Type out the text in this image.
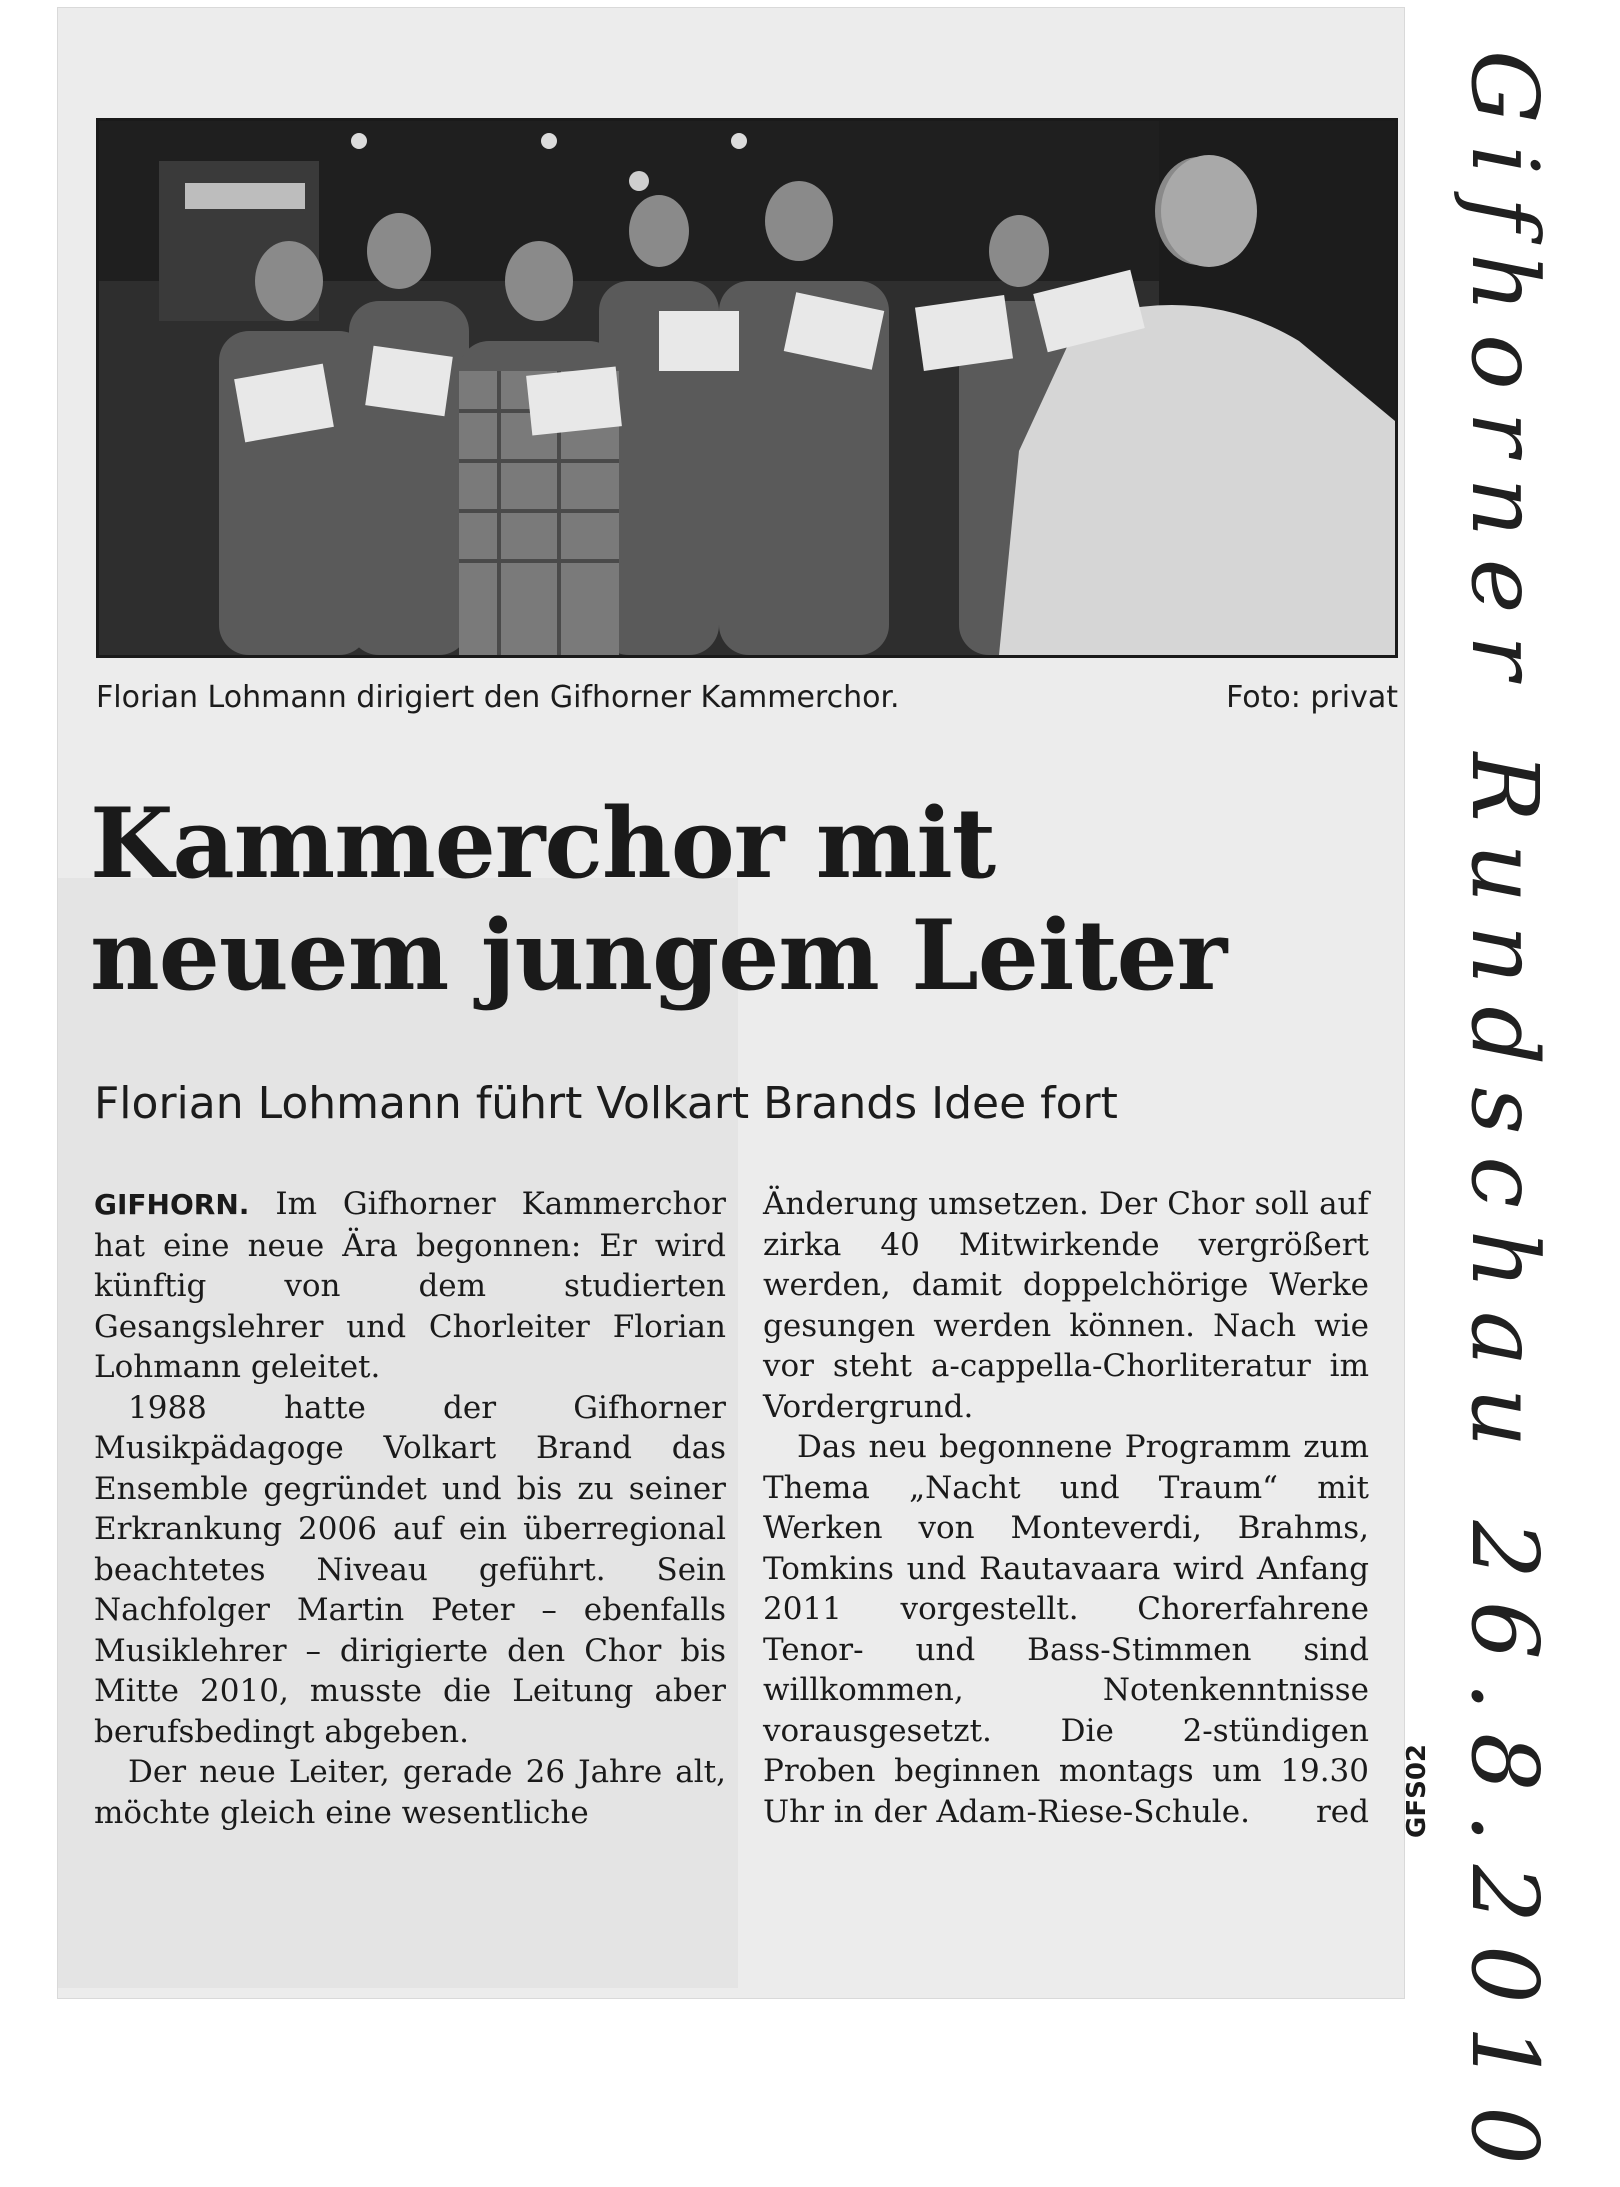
Florian Lohmann dirigiert den Gifhorner Kammerchor.	Foto: privat
Kammerchor mit
neuem jungem Leiter
Florian Lohmann führt Volkart Brands Idee fort

GIFHORN. Im Gifhorner Kammerchor hat eine neue Ära begonnen: Er wird künftig von dem studierten Gesangslehrer und Chorleiter Florian Lohmann geleitet.

1988 hatte der Gifhorner Musikpädagoge Volkart Brand das Ensemble gegründet und bis zu seiner Erkrankung 2006 auf ein überregional beachtetes Niveau geführt. Sein Nachfolger Martin Peter – ebenfalls Musiklehrer – dirigierte den Chor bis Mitte 2010, musste die Leitung aber berufsbedingt abgeben.

Der neue Leiter, gerade 26 Jahre alt, möchte gleich eine wesentliche

Änderung umsetzen. Der Chor soll auf zirka 40 Mitwirkende vergrößert werden, damit doppelchörige Werke gesungen werden können. Nach wie vor steht a-cappella-Chorliteratur im Vordergrund.

Das neu begonnene Programm zum Thema „Nacht und Traum“ mit Werken von Monteverdi, Brahms, Tomkins und Rautavaara wird Anfang 2011 vorgestellt. Chorerfahrene Tenor- und Bass-Stimmen sind willkommen, Notenkenntnisse vorausgesetzt. Die 2-stündigen Proben beginnen montags um 19.30 Uhr in der Adam-Riese-Schule.	red GFS02 Gifhorner Rundschau 26.8.2010
